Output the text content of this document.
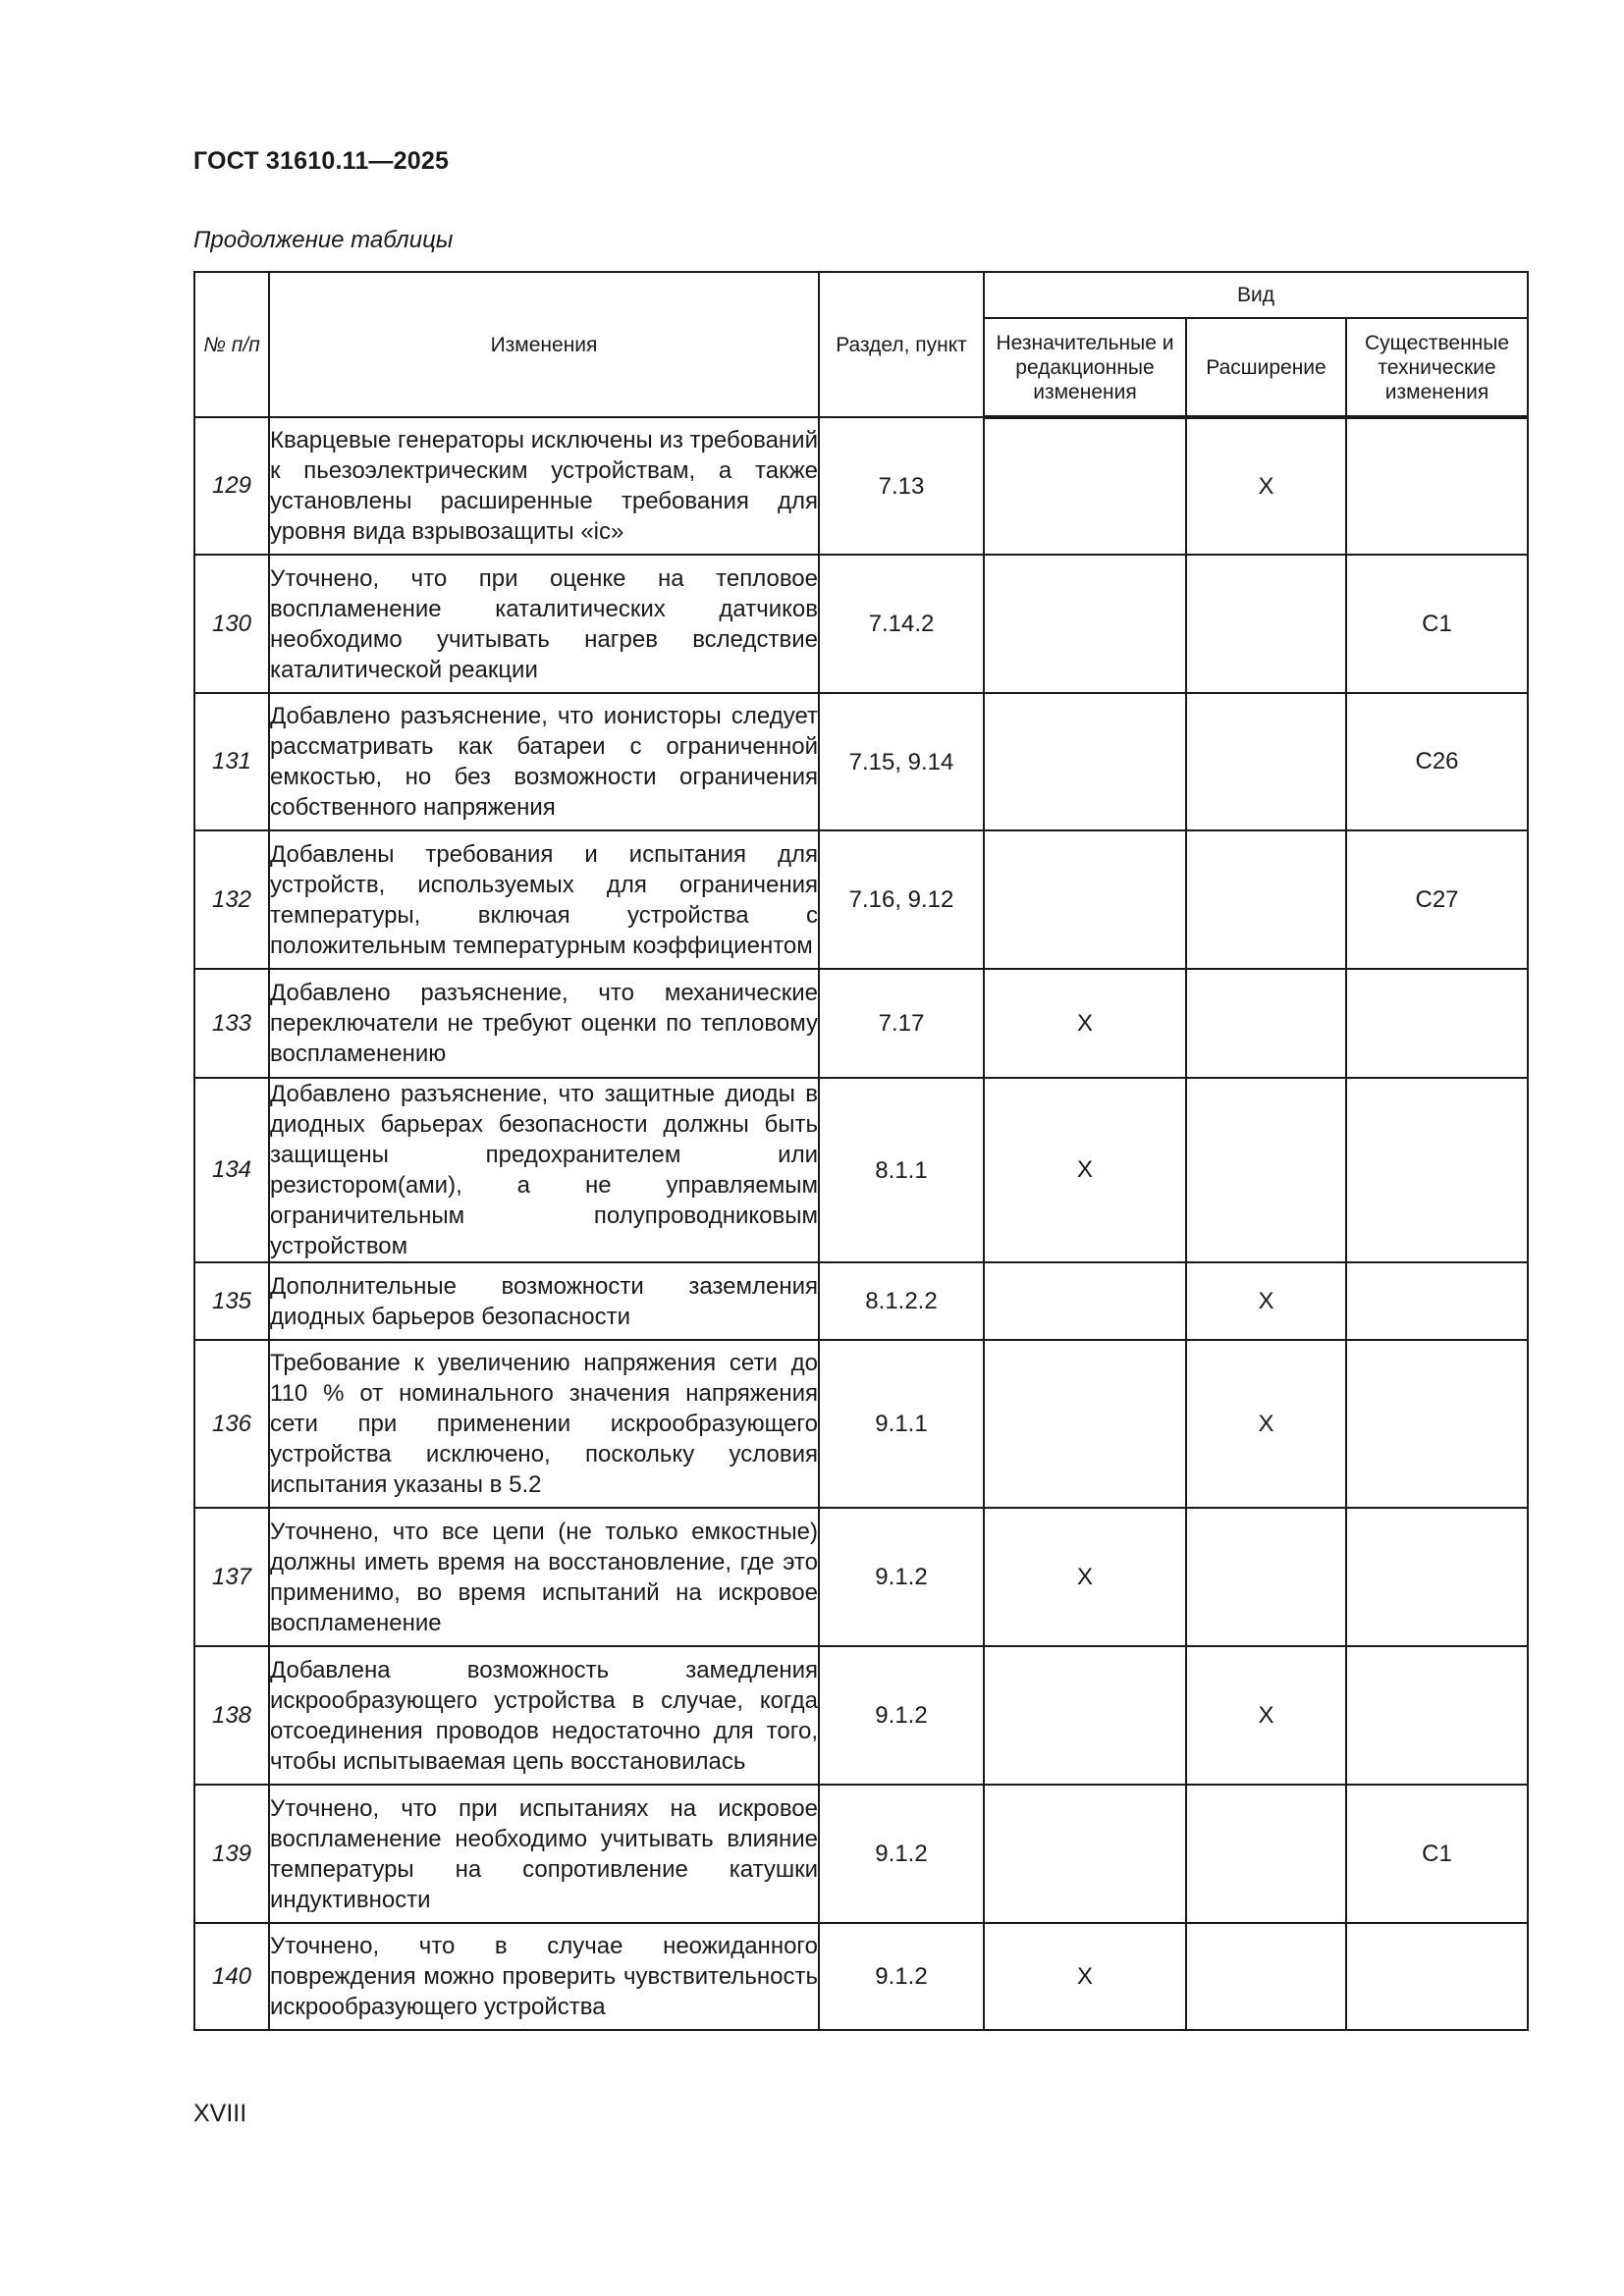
ГОСТ 31610.11—2025
Продолжение таблицы
№ п/п	Изменения	Раздел, пункт	Вид		
			Незначительные и редакционные изменения	Расширение	Существенные технические изменения
129	Кварцевые генераторы исключены из требований к пьезоэлектрическим устройствам, а также установлены расширенные требования для уровня вида взрывозащиты «ic»	7.13		X	
130	Уточнено, что при оценке на тепловое воспламенение каталитических датчиков необходимо учитывать нагрев вследствие каталитической реакции	7.14.2			C1
131	Добавлено разъяснение, что ионисторы следует рассматривать как батареи с ограниченной емкостью, но без возможности ограничения собственного напряжения	7.15, 9.14			C26
132	Добавлены требования и испытания для устройств, используемых для ограничения температуры, включая устройства с положительным температурным коэффициентом	7.16, 9.12			C27
133	Добавлено разъяснение, что механические переключатели не требуют оценки по тепловому воспламенению	7.17	X		
134	Добавлено разъяснение, что защитные диоды в диодных барьерах безопасности должны быть защищены предохранителем или резистором(ами), а не управляемым ограничительным полупроводниковым устройством	8.1.1	X		
135	Дополнительные возможности заземления диодных барьеров безопасности	8.1.2.2		X	
136	Требование к увеличению напряжения сети до 110 % от номинального значения напряжения сети при применении искрообразующего устройства исключено, поскольку условия испытания указаны в 5.2	9.1.1		X	
137	Уточнено, что все цепи (не только емкостные) должны иметь время на восстановление, где это применимо, во время испытаний на искровое воспламенение	9.1.2	X		
138	Добавлена возможность замедления искрообразующего устройства в случае, когда отсоединения проводов недостаточно для того, чтобы испытываемая цепь восстановилась	9.1.2		X	
139	Уточнено, что при испытаниях на искровое воспламенение необходимо учитывать влияние температуры на сопротивление катушки индуктивности	9.1.2			C1
140	Уточнено, что в случае неожиданного повреждения можно проверить чувствительность искрообразующего устройства	9.1.2	X		
XVIII
